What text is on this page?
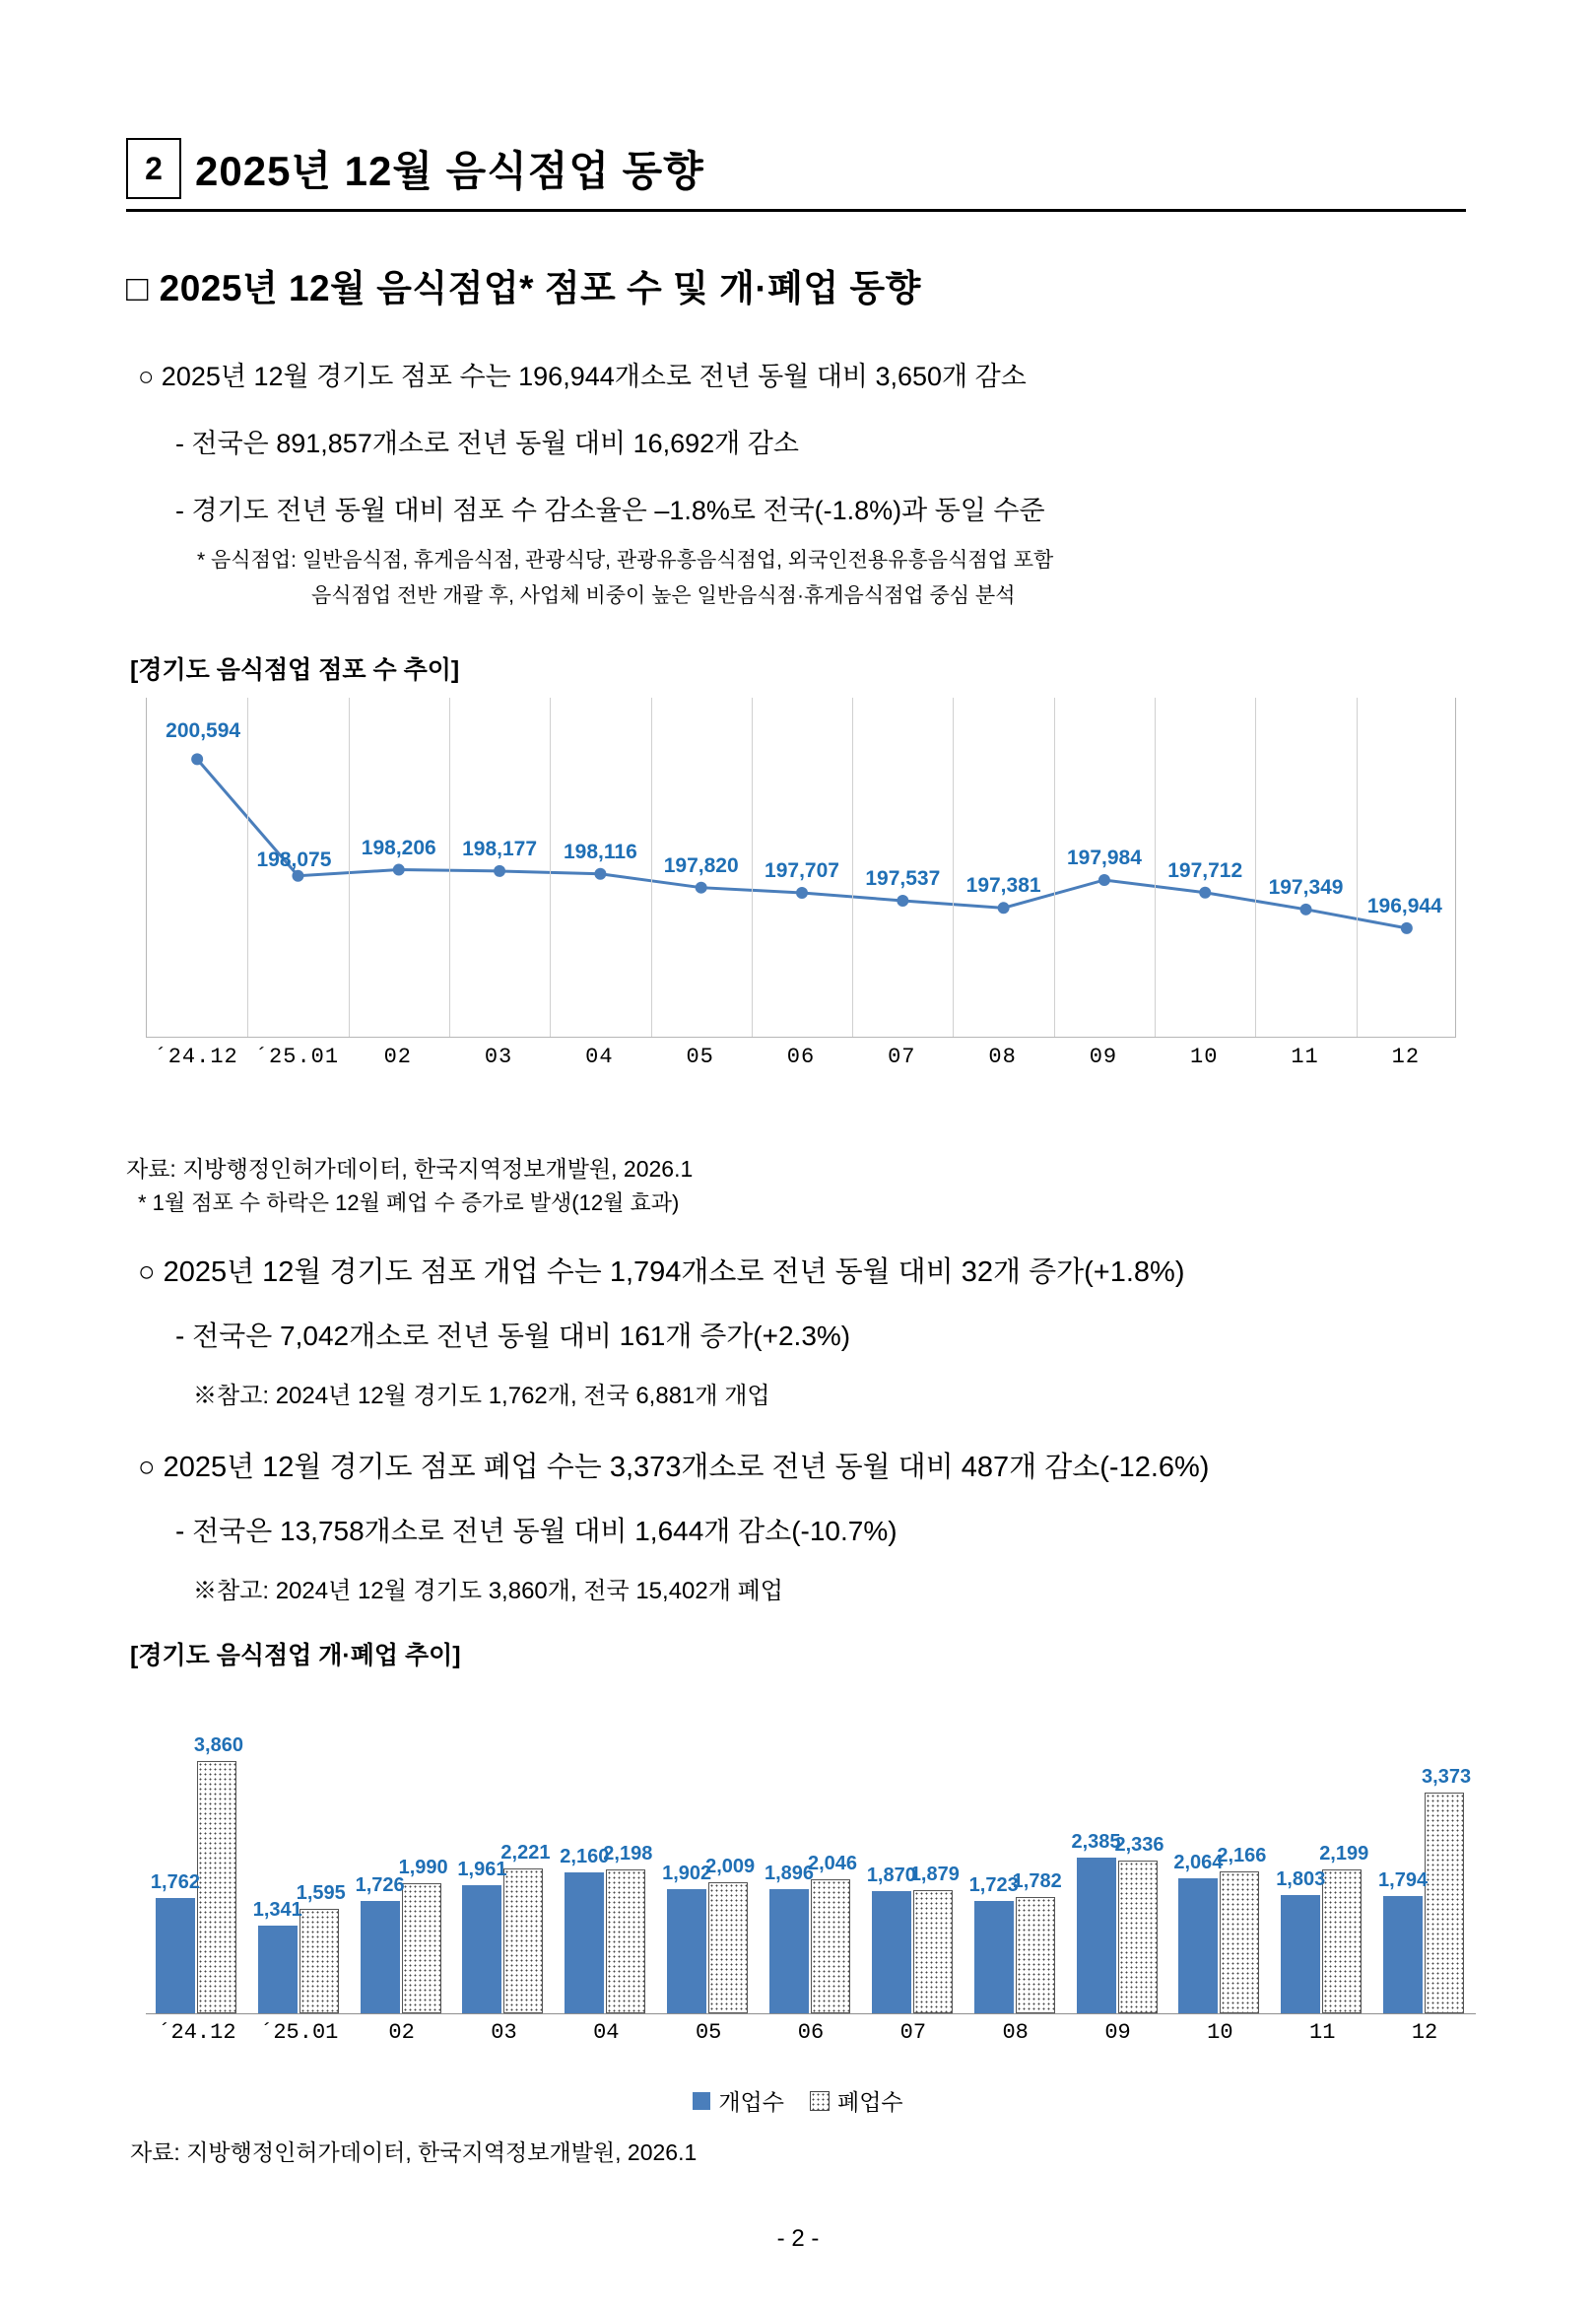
2 2025년 12월 음식점업 동향
□ 2025년 12월 음식점업* 점포 수 및 개·폐업 동향
○ 2025년 12월 경기도 점포 수는 196,944개소로 전년 동월 대비 3,650개 감소
- 전국은 891,857개소로 전년 동월 대비 16,692개 감소
- 경기도 전년 동월 대비 점포 수 감소율은 –1.8%로 전국(-1.8%)과 동일 수준
* 음식점업: 일반음식점, 휴게음식점, 관광식당, 관광유흥음식점업, 외국인전용유흥음식점업 포함
음식점업 전반 개괄 후, 사업체 비중이 높은 일반음식점·휴게음식점업 중심 분석
[경기도 음식점업 점포 수 추이]
200,594
198,075
198,206 198,177 198,116
197,820 197,707 197,537 197,381
197,984
197,712
197,349
196,944
´24.12 ´25.01 02	03	04	05	06	07	08	09	10	11	12
자료: 지방행정인허가데이터, 한국지역정보개발원, 2026.1
* 1월 점포 수 하락은 12월 폐업 수 증가로 발생(12월 효과)
○ 2025년 12월 경기도 점포 개업 수는 1,794개소로 전년 동월 대비 32개 증가(+1.8%)
- 전국은 7,042개소로 전년 동월 대비 161개 증가(+2.3%)
※참고: 2024년 12월 경기도 1,762개, 전국 6,881개 개업
○ 2025년 12월 경기도 점포 폐업 수는 3,373개소로 전년 동월 대비 487개 감소(-12.6%)
- 전국은 13,758개소로 전년 동월 대비 1,644개 감소(-10.7%)
※참고: 2024년 12월 경기도 3,860개, 전국 15,402개 폐업
[경기도 음식점업 개·폐업 추이]
1,762
3,860
1,341
1,595 1,726
1,990 1,961
2,221 2,160
2,198
1,902
2,009 1,896
2,046
1,870
1,879 1,723
1,782
2,385
2,336
2,064
2,166
1,803
2,199
1,794
3,373
´24.12 ´25.01 02	03	04	05	06	07	08	09	10	11	12
개업수 폐업수
자료: 지방행정인허가데이터, 한국지역정보개발원, 2026.1
- 2 -
